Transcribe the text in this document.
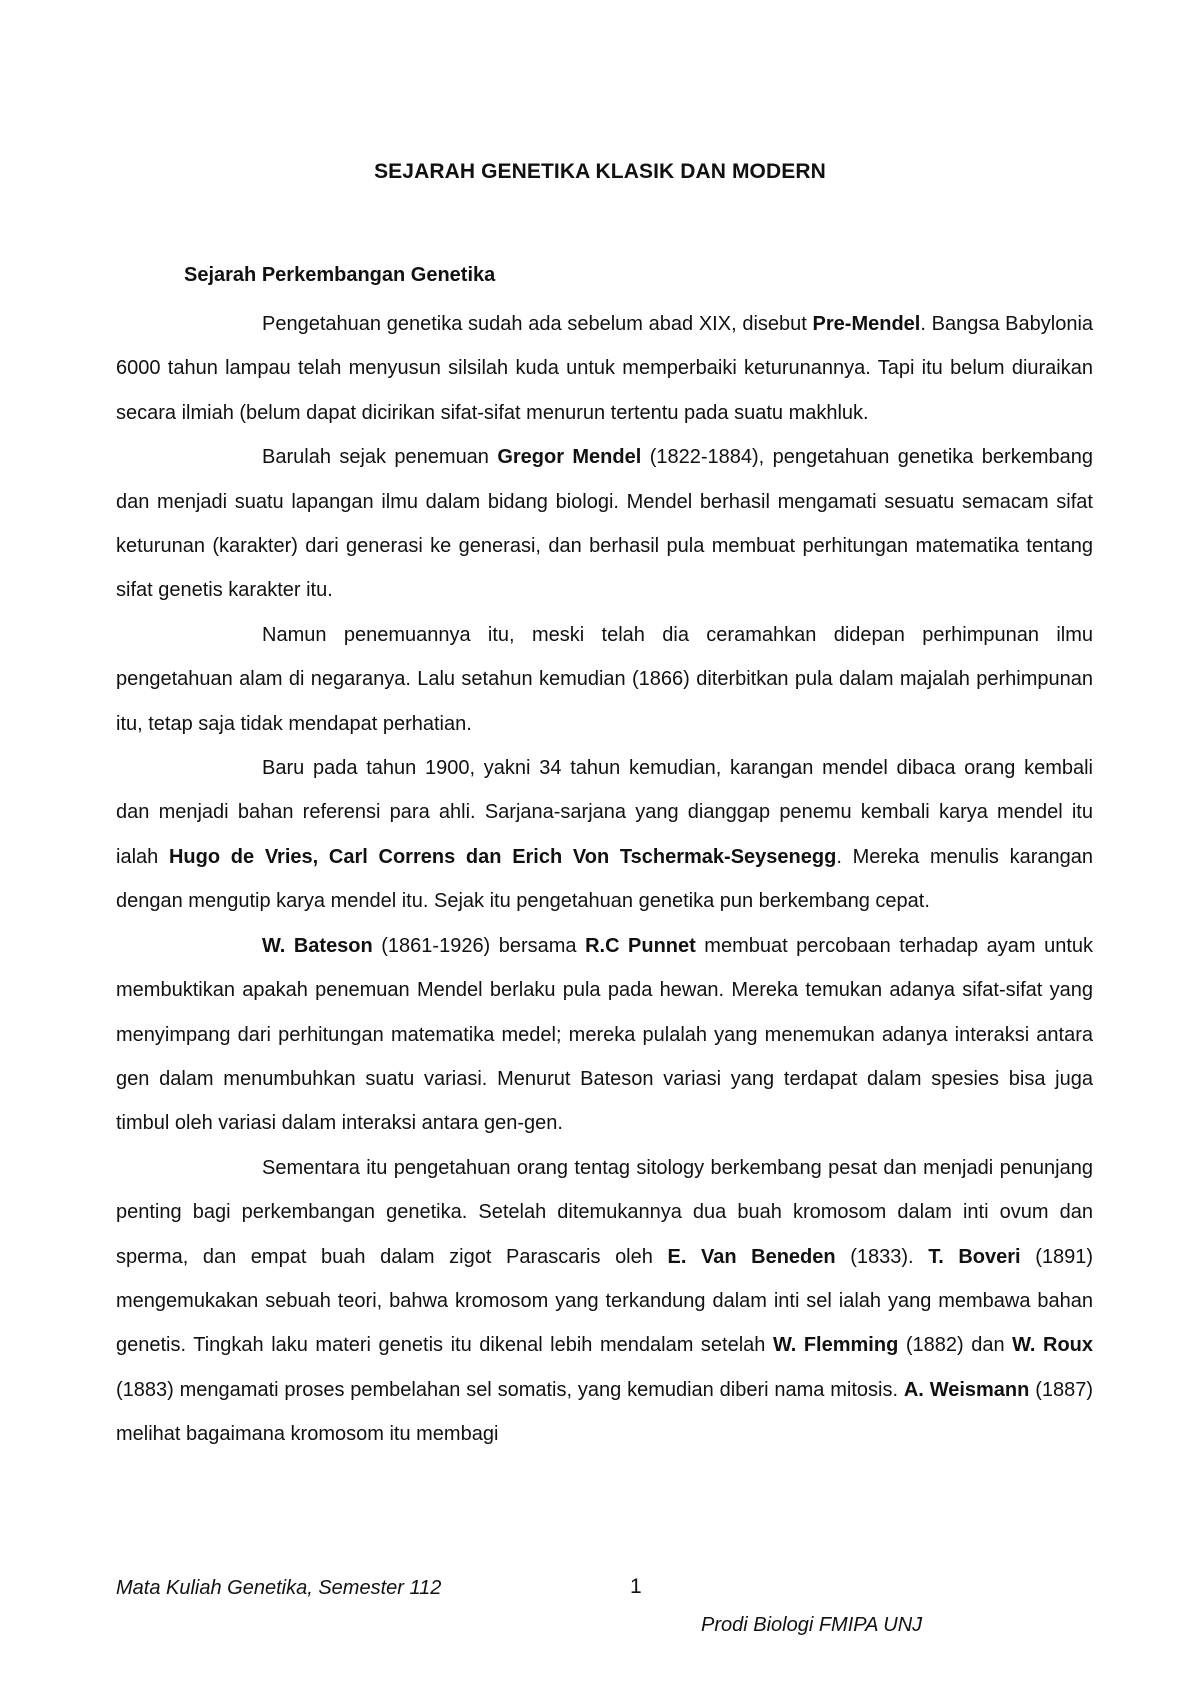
SEJARAH GENETIKA KLASIK DAN MODERN
Sejarah Perkembangan Genetika

Pengetahuan genetika sudah ada sebelum abad XIX, disebut Pre-Mendel. Bangsa Babylonia 6000 tahun lampau telah menyusun silsilah kuda untuk memperbaiki keturunannya. Tapi itu belum diuraikan secara ilmiah (belum dapat dicirikan sifat-sifat menurun tertentu pada suatu makhluk.

Barulah sejak penemuan Gregor Mendel (1822-1884), pengetahuan genetika berkembang dan menjadi suatu lapangan ilmu dalam bidang biologi. Mendel berhasil mengamati sesuatu semacam sifat keturunan (karakter) dari generasi ke generasi, dan berhasil pula membuat perhitungan matematika tentang sifat genetis karakter itu.

Namun penemuannya itu, meski telah dia ceramahkan didepan perhimpunan ilmu pengetahuan alam di negaranya. Lalu setahun kemudian (1866) diterbitkan pula dalam majalah perhimpunan itu, tetap saja tidak mendapat perhatian.

Baru pada tahun 1900, yakni 34 tahun kemudian, karangan mendel dibaca orang kembali dan menjadi bahan referensi para ahli. Sarjana-sarjana yang dianggap penemu kembali karya mendel itu ialah Hugo de Vries, Carl Correns dan Erich Von Tschermak-Seysenegg. Mereka menulis karangan dengan mengutip karya mendel itu. Sejak itu pengetahuan genetika pun berkembang cepat.

W. Bateson (1861-1926) bersama R.C Punnet membuat percobaan terhadap ayam untuk membuktikan apakah penemuan Mendel berlaku pula pada hewan. Mereka temukan adanya sifat-sifat yang menyimpang dari perhitungan matematika medel; mereka pulalah yang menemukan adanya interaksi antara gen dalam menumbuhkan suatu variasi. Menurut Bateson variasi yang terdapat dalam spesies bisa juga timbul oleh variasi dalam interaksi antara gen-gen.

Sementara itu pengetahuan orang tentag sitology berkembang pesat dan menjadi penunjang penting bagi perkembangan genetika. Setelah ditemukannya dua buah kromosom dalam inti ovum dan sperma, dan empat buah dalam zigot Parascaris oleh E. Van Beneden (1833). T. Boveri (1891) mengemukakan sebuah teori, bahwa kromosom yang terkandung dalam inti sel ialah yang membawa bahan genetis. Tingkah laku materi genetis itu dikenal lebih mendalam setelah W. Flemming (1882) dan W. Roux (1883) mengamati proses pembelahan sel somatis, yang kemudian diberi nama mitosis. A. Weismann (1887) melihat bagaimana kromosom itu membagi

Mata Kuliah Genetika, Semester 112	1
Prodi Biologi FMIPA UNJ
